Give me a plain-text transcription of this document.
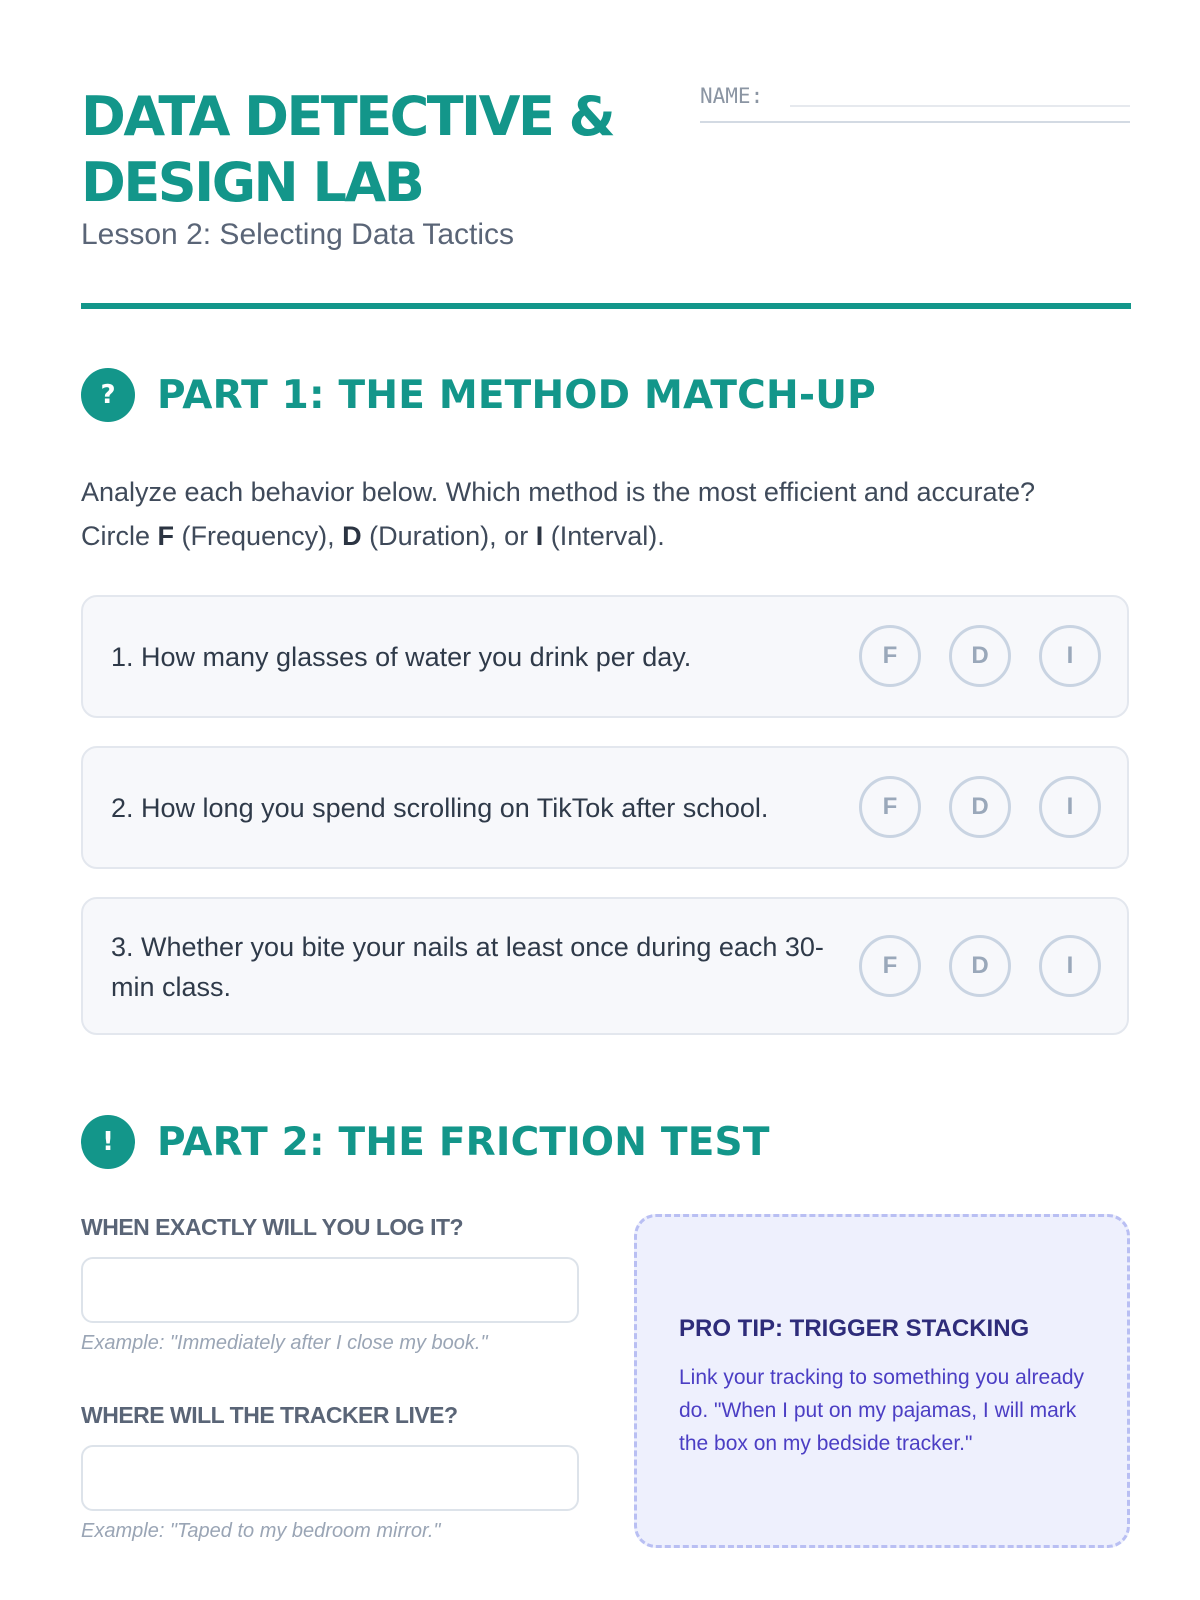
DATA DETECTIVE &
DESIGN LAB

Lesson 2: Selecting Data Tactics

NAME:
?	PART 1: THE METHOD MATCH-UP

Analyze each behavior below. Which method is the most efficient and accurate?
Circle F (Frequency), D (Duration), or I (Interval).

1. How many glasses of water you drink per day.	F	D	I
2. How long you spend scrolling on TikTok after school.	F	D	I
3. Whether you bite your nails at least once during each 30-min class.
F	D	I
!	PART 2: THE FRICTION TEST
WHEN EXACTLY WILL YOU LOG IT?
Example: "Immediately after I close my book."
WHERE WILL THE TRACKER LIVE?
Example: "Taped to my bedroom mirror."
PRO TIP: TRIGGER STACKING
Link your tracking to something you already do. "When I put on my pajamas, I will mark the box on my bedside tracker."
